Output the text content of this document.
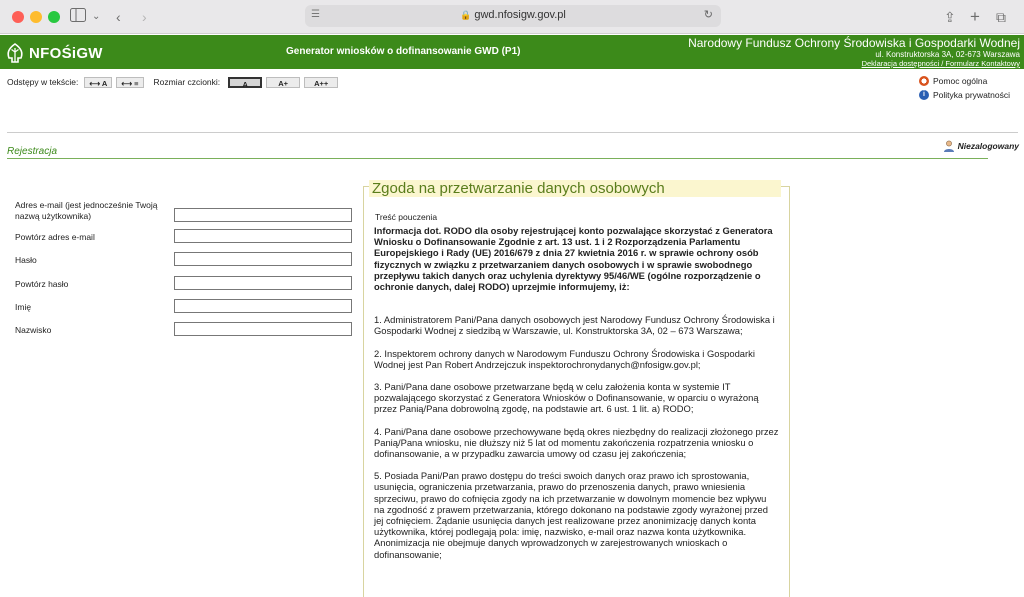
⌄ ‹ ›	☰	🔒 gwd.nfosigw.gov.pl	↻	⇪ + ⧉
NFOŚiGW	Generator wniosków o dofinansowanie GWD (P1)
Narodowy Fundusz Ochrony Środowiska i Gospodarki Wodnej
ul. Konstruktorska 3A, 02-673 Warszawa
Deklaracja dostępności / Formularz Kontaktowy
Odstępy w tekście:	⟷ A	⟷ ≡	Rozmiar czcionki:	A	A+	A++	Pomoc ogólna
i Polityka prywatności
Rejestracja	Niezalogowany
Adres e-mail (jest jednocześnie Twoją nazwą użytkownika)
Powtórz adres e-mail
Hasło
Powtórz hasło
Imię
Nazwisko
Zgoda na przetwarzanie danych osobowych
Treść pouczenia

Informacja dot. RODO dla osoby rejestrującej konto pozwalające skorzystać z Generatora Wniosku o Dofinansowanie Zgodnie z art. 13 ust. 1 i 2 Rozporządzenia Parlamentu Europejskiego i Rady (UE) 2016/679 z dnia 27 kwietnia 2016 r. w sprawie ochrony osób fizycznych w związku z przetwarzaniem danych osobowych i w sprawie swobodnego przepływu takich danych oraz uchylenia dyrektywy 95/46/WE (ogólne rozporządzenie o ochronie danych, dalej RODO) uprzejmie informujemy, iż:

1. Administratorem Pani/Pana danych osobowych jest Narodowy Fundusz Ochrony Środowiska i Gospodarki Wodnej z siedzibą w Warszawie, ul. Konstruktorska 3A, 02 – 673 Warszawa;

2. Inspektorem ochrony danych w Narodowym Funduszu Ochrony Środowiska i Gospodarki Wodnej jest Pan Robert Andrzejczuk inspektorochronydanych@nfosigw.gov.pl;

3. Pani/Pana dane osobowe przetwarzane będą w celu założenia konta w systemie IT pozwalającego skorzystać z Generatora Wniosków o Dofinansowanie, w oparciu o wyrażoną przez Panią/Pana dobrowolną zgodę, na podstawie art. 6 ust. 1 lit. a) RODO;

4. Pani/Pana dane osobowe przechowywane będą okres niezbędny do realizacji złożonego przez Panią/Pana wniosku, nie dłuższy niż 5 lat od momentu zakończenia rozpatrzenia wniosku o dofinansowanie, a w przypadku zawarcia umowy od czasu jej zakończenia;

5. Posiada Pani/Pan prawo dostępu do treści swoich danych oraz prawo ich sprostowania, usunięcia, ograniczenia przetwarzania, prawo do przenoszenia danych, prawo wniesienia sprzeciwu, prawo do cofnięcia zgody na ich przetwarzanie w dowolnym momencie bez wpływu na zgodność z prawem przetwarzania, którego dokonano na podstawie zgody wyrażonej przed jej cofnięciem. Żądanie usunięcia danych jest realizowane przez anonimizację danych konta użytkownika, której podlegają pola: imię, nazwisko, e-mail oraz nazwa konta użytkownika. Anonimizacja nie obejmuje danych wprowadzonych w zarejestrowanych wnioskach o dofinansowanie;
